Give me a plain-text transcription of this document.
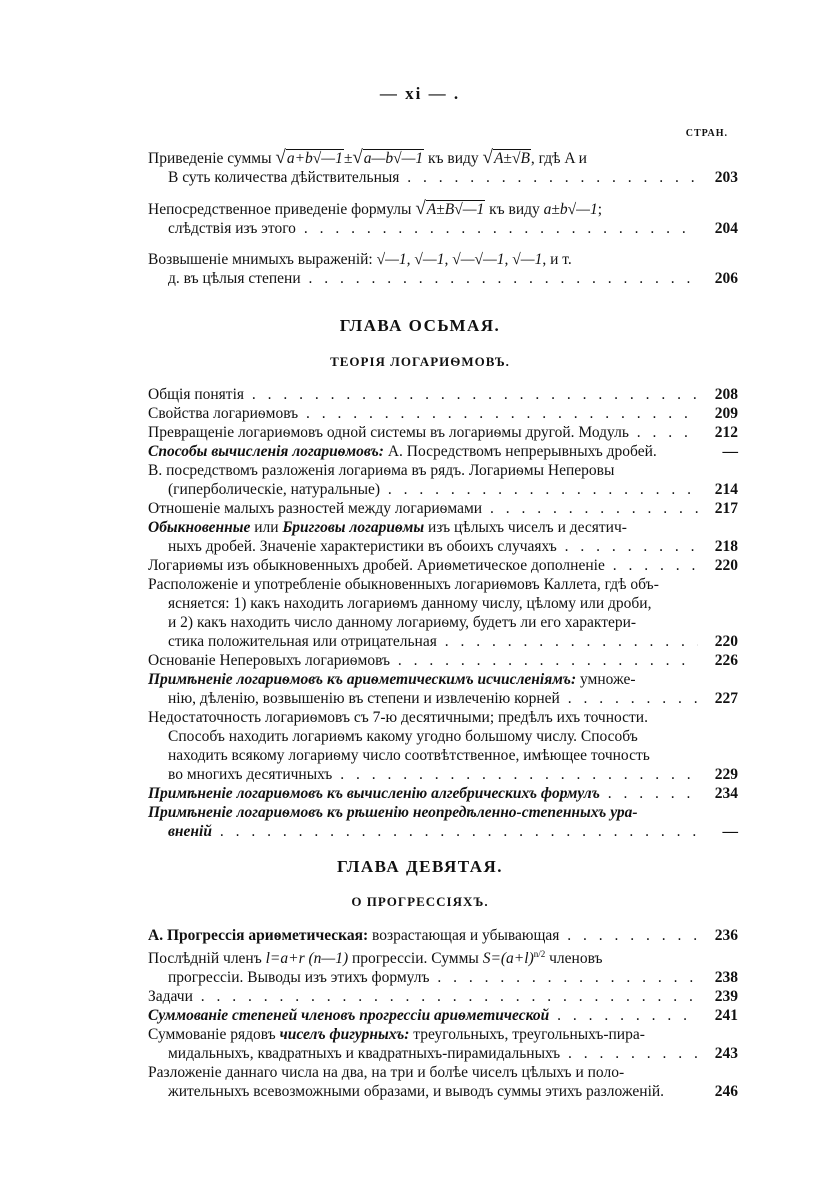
— xi — .
СТРАН.
Приведеніе суммы √a+b√—1±√a—b√—1 къ виду √A±√B, гдѣ A и
B суть количества дѣйствительныя . . .	203
Непосредственное приведеніе формулы √A±B√—1 къ виду a±b√—1;
слѣдствія изъ этого . . .	204
Возвышеніе мнимыхъ выраженій: √—1, √—1, √—√—1, √—1, и т.
д. въ цѣлыя степени . . .	206
ГЛАВА ОСЬМАЯ.
ТЕОРІЯ ЛОГАРИѲМОВЪ.
Общія понятія . . .	208
Свойства логариѳмовъ . . .	209
Превращеніе логариѳмовъ одной системы въ логариѳмы другой. Модуль . . .	212
Способы вычисленія логариѳмовъ: A. Посредствомъ непрерывныхъ дробей.	—
B. посредствомъ разложенія логариѳма въ рядъ. Логариѳмы Неперовы
(гиперболическіе, натуральные) . . .	214
Отношеніе малыхъ разностей между логариѳмами . . .	217
Обыкновенные или Бригговы логариѳмы изъ цѣлыхъ чиселъ и десятич-
ныхъ дробей. Значеніе характеристики въ обоихъ случаяхъ . . .	218
Логариѳмы изъ обыкновенныхъ дробей. Ариѳметическое дополненіе . . .	220
Расположеніе и употребленіе обыкновенныхъ логариѳмовъ Каллета, гдѣ объ-
ясняется: 1) какъ находить логариѳмъ данному числу, цѣлому или дроби,
и 2) какъ находить число данному логариѳму, будетъ ли его характери-
стика положительная или отрицательная . . .	220
Основаніе Неперовыхъ логариѳмовъ . . .	226
Примѣненіе логариѳмовъ къ ариѳметическимъ исчисленіямъ: умноже-
нію, дѣленію, возвышенію въ степени и извлеченію корней . . .	227
Недостаточность логариѳмовъ съ 7-ю десятичными; предѣлъ ихъ точности.
Способъ находить логариѳмъ какому угодно большому числу. Способъ
находить всякому логариѳму число соотвѣтственное, имѣющее точность
во многихъ десятичныхъ . . .	229
Примѣненіе логариѳмовъ къ вычисленію алгебрическихъ формулъ . . .	234
Примѣненіе логариѳмовъ къ рѣшенію неопредѣленно-степенныхъ ура-
вненій . . .	—
ГЛАВА ДЕВЯТАЯ.
О ПРОГРЕССІЯХЪ.
A. Прогрессія ариѳметическая: возрастающая и убывающая . . .	236
Послѣдній членъ l=a+r (n—1) прогрессіи. Суммы $S=(a+l)^{n/2}$ членовъ
прогрессіи. Выводы изъ этихъ формулъ . . .	238
Задачи . . .	239
Суммованіе степеней членовъ прогрессіи ариѳметической . . .	241
Суммованіе рядовъ чиселъ фигурныхъ: треугольныхъ, треугольныхъ-пира-
мидальныхъ, квадратныхъ и квадратныхъ-пирамидальныхъ . . .	243
Разложеніе даннаго числа на два, на три и болѣе чиселъ цѣлыхъ и поло-
жительныхъ всевозможными образами, и выводъ суммы этихъ разложеній.	246
